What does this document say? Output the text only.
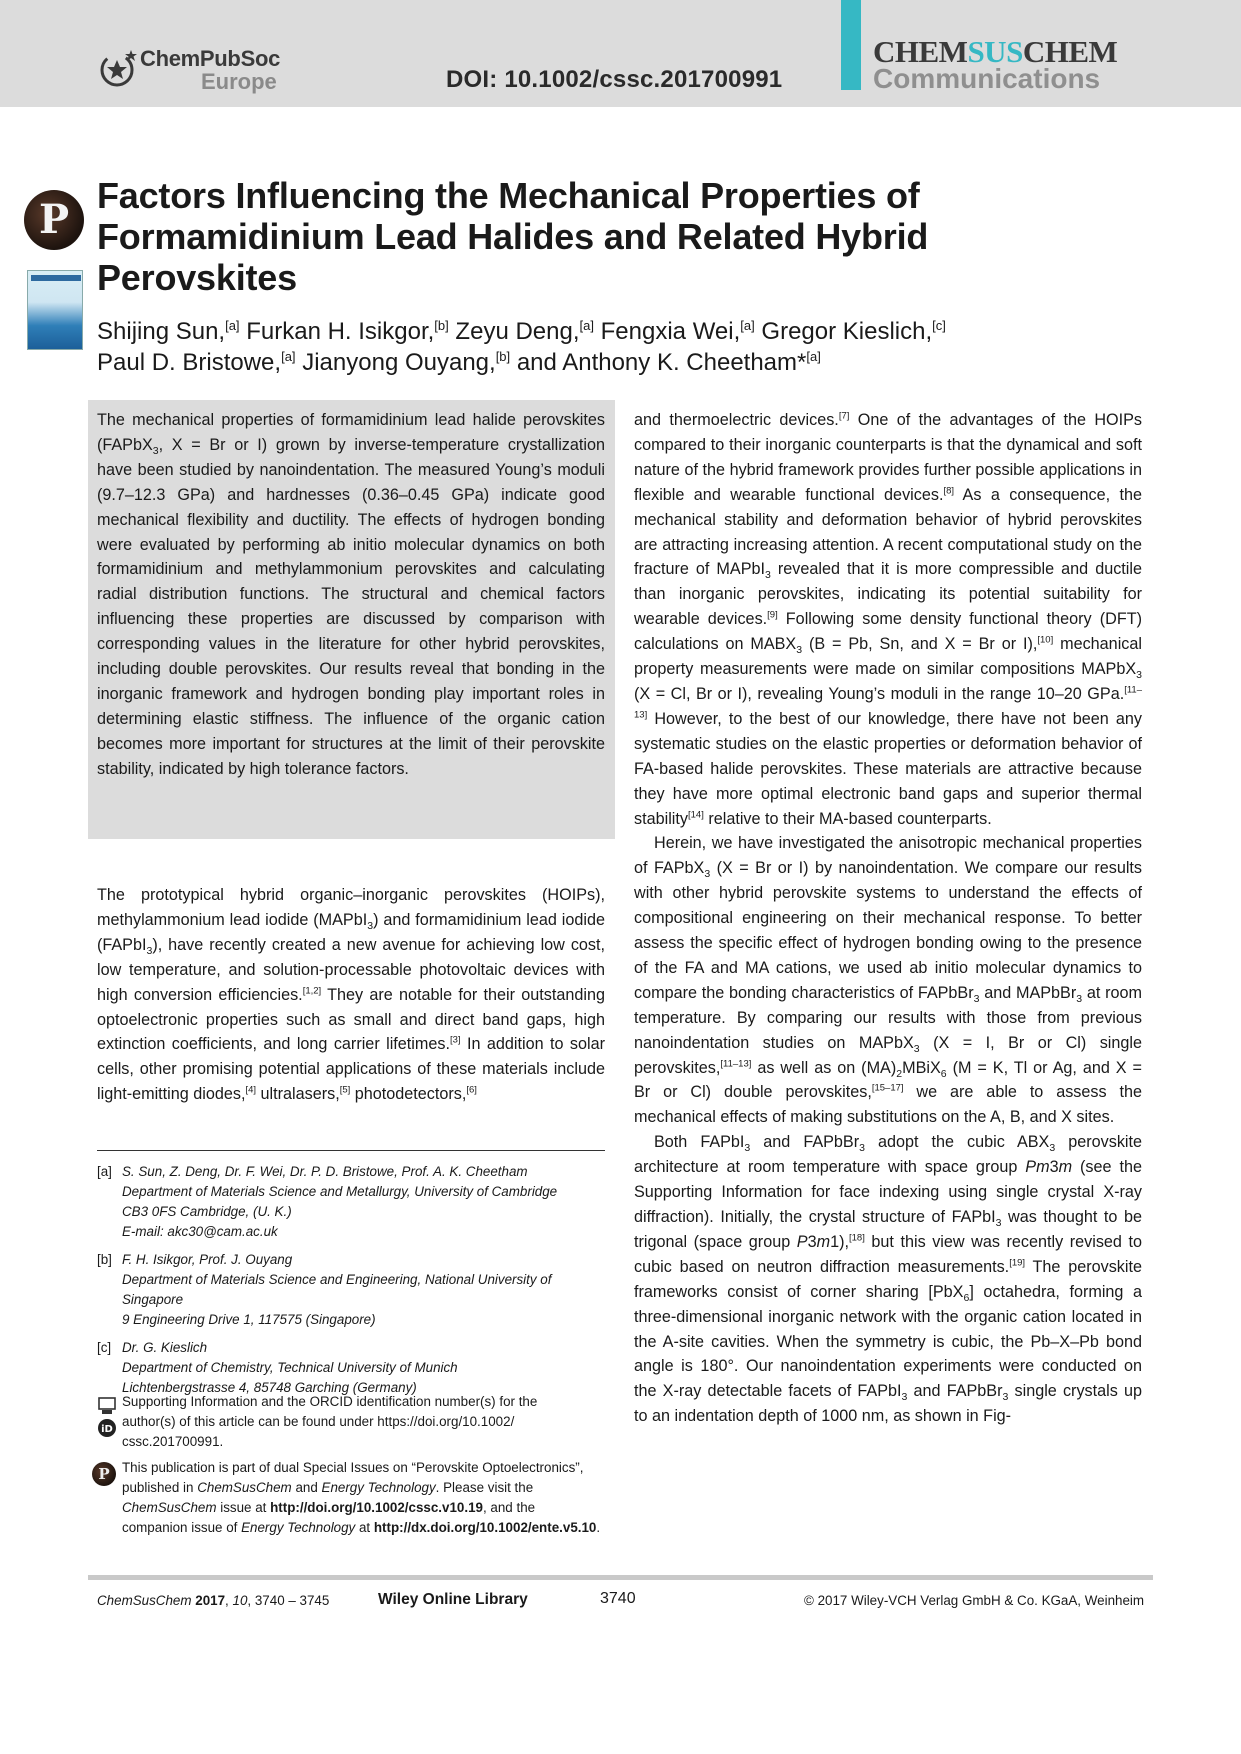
ChemPubSoc
Europe	DOI: 10.1002/cssc.201700991
CHEMSUSCHEM
Communications
P
Factors Influencing the Mechanical Properties of Formamidinium Lead Halides and Related Hybrid Perovskites
Shijing Sun,[a] Furkan H. Isikgor,[b] Zeyu Deng,[a] Fengxia Wei,[a] Gregor Kieslich,[c]
Paul D. Bristowe,[a] Jianyong Ouyang,[b] and Anthony K. Cheetham*[a]
The mechanical properties of formamidinium lead halide perovskites (FAPbX$_3$, X = Br or I) grown by inverse-temperature crystallization have been studied by nanoindentation. The measured Young’s moduli (9.7–12.3 GPa) and hardnesses (0.36–0.45 GPa) indicate good mechanical flexibility and ductility. The effects of hydrogen bonding were evaluated by performing ab initio molecular dynamics on both formamidinium and methylammonium perovskites and calculating radial distribution functions. The structural and chemical factors influencing these properties are discussed by comparison with corresponding values in the literature for other hybrid perovskites, including double perovskites. Our results reveal that bonding in the inorganic framework and hydrogen bonding play important roles in determining elastic stiffness. The influence of the organic cation becomes more important for structures at the limit of their perovskite stability, indicated by high tolerance factors.

The prototypical hybrid organic–inorganic perovskites (HOIPs), methylammonium lead iodide (MAPbI$_3$) and formamidinium lead iodide (FAPbI$_3$), have recently created a new avenue for achieving low cost, low temperature, and solution-processable photovoltaic devices with high conversion efficiencies.[1,2] They are notable for their outstanding optoelectronic properties such as small and direct band gaps, high extinction coefficients, and long carrier lifetimes.[3] In addition to solar cells, other promising potential applications of these materials include light-emitting diodes,[4] ultralasers,[5] photodetectors,[6]

[a] S. Sun, Z. Deng, Dr. F. Wei, Dr. P. D. Bristowe, Prof. A. K. Cheetham
Department of Materials Science and Metallurgy, University of Cambridge
CB3 0FS Cambridge, (U. K.)
E-mail: akc30@cam.ac.uk
[b] F. H. Isikgor, Prof. J. Ouyang
Department of Materials Science and Engineering, National University of
Singapore
9 Engineering Drive 1, 117575 (Singapore)
[c] Dr. G. Kieslich
Department of Chemistry, Technical University of Munich
Lichtenbergstrasse 4, 85748 Garching (Germany)
iD
Supporting Information and the ORCID identification number(s) for the
author(s) of this article can be found under https://doi.org/10.1002/
cssc.201700991.
P This publication is part of dual Special Issues on “Perovskite Optoelectronics”, published in ChemSusChem and Energy Technology. Please visit the ChemSusChem issue at http://doi.org/10.1002/cssc.v10.19, and the companion issue of Energy Technology at http://dx.doi.org/10.1002/ente.v5.10.

and thermoelectric devices.[7] One of the advantages of the HOIPs compared to their inorganic counterparts is that the dynamical and soft nature of the hybrid framework provides further possible applications in flexible and wearable functional devices.[8] As a consequence, the mechanical stability and deformation behavior of hybrid perovskites are attracting increasing attention. A recent computational study on the fracture of MAPbI$_3$ revealed that it is more compressible and ductile than inorganic perovskites, indicating its potential suitability for wearable devices.[9] Following some density functional theory (DFT) calculations on $MABX_3$ (B = Pb, Sn, and X = Br or I),[10] mechanical property measurements were made on similar compositions MAPbX$_3$ (X = Cl, Br or I), revealing Young’s moduli in the range 10–20 GPa.[11–13] However, to the best of our knowledge, there have not been any systematic studies on the elastic properties or deformation behavior of FA-based halide perovskites. These materials are attractive because they have more optimal electronic band gaps and superior thermal stability[14] relative to their MA-based counterparts.

Herein, we have investigated the anisotropic mechanical properties of FAPbX$_3$ (X = Br or I) by nanoindentation. We compare our results with other hybrid perovskite systems to understand the effects of compositional engineering on their mechanical response. To better assess the specific effect of hydrogen bonding owing to the presence of the FA and MA cations, we used ab initio molecular dynamics to compare the bonding characteristics of FAPbBr$_3$ and MAPbBr$_3$ at room temperature. By comparing our results with those from previous nanoindentation studies on MAPbX$_3$ (X = I, Br or Cl) single perovskites,[11–13] as well as on $(MA)_2MBiX_6$ (M = K, Tl or Ag, and X = Br or Cl) double perovskites,[15–17] we are able to assess the mechanical effects of making substitutions on the A, B, and X sites.

Both FAPbI$_3$ and FAPbBr$_3$ adopt the cubic $ABX_3$ perovskite architecture at room temperature with space group Pm3m (see the Supporting Information for face indexing using single crystal X-ray diffraction). Initially, the crystal structure of FAPbI$_3$ was thought to be trigonal (space group P3m1),[18] but this view was recently revised to cubic based on neutron diffraction measurements.[19] The perovskite frameworks consist of corner sharing [PbX$_6$] octahedra, forming a three-dimensional inorganic network with the organic cation located in the A-site cavities. When the symmetry is cubic, the Pb–X–Pb bond angle is 180°. Our nanoindentation experiments were conducted on the X-ray detectable facets of FAPbI$_3$ and FAPbBr$_3$ single crystals up to an indentation depth of 1000 nm, as shown in Fig-

ChemSusChem 2017, 10, 3740 – 3745	Wiley Online Library	3740	© 2017 Wiley-VCH Verlag GmbH & Co. KGaA, Weinheim
